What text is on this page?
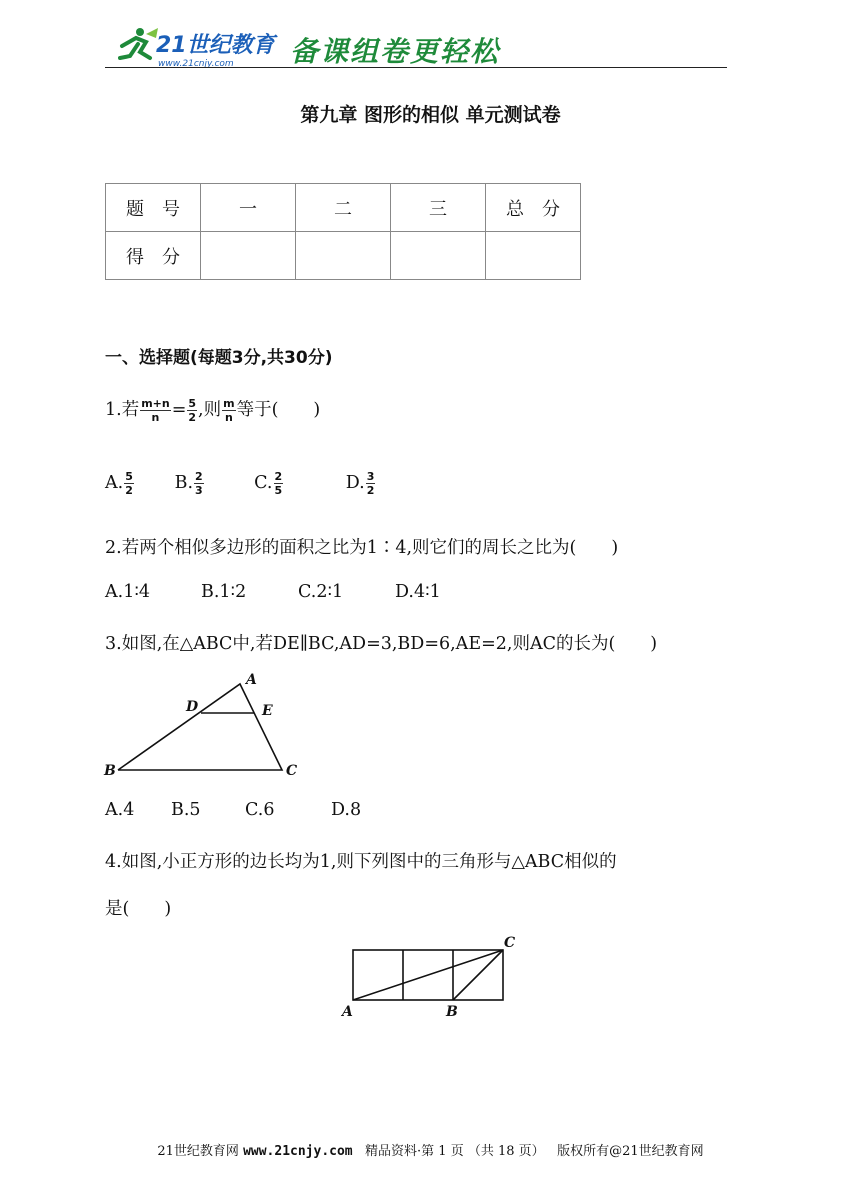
21世纪教育
www.21cnjy.com 备课组卷更轻松
第九章 图形的相似 单元测试卷
题　号	一	二	三	总　分
得　分				
一、选择题(每题3分,共30分)
1.若 $\frac{m+n}{n} = \frac{5}{2}$ ,则 $\frac{m}{n}$ 等于(　　)
A. $\frac{5}{2} B$. $\frac{2}{3}$	C. $\frac{2}{5}$	D. $\frac{3}{2}$
2.若两个相似多边形的面积之比为1∶4,则它们的周长之比为(　　)
A.1∶4	B.1∶2	C.2∶1	D.4∶1
3.如图,在△ABC中,若DE∥BC,AD=3,BD=6,AE=2,则AC的长为(　　)
A
B	C
D	E
A.4 B.5	C.6	D.8
4.如图,小正方形的边长均为1,则下列图中的三角形与△ABC相似的
是(　　)
A	B
C
21世纪教育网 www.21cnjy.com 精品资料·第 1 页 （共 18 页） 版权所有@21世纪教育网
